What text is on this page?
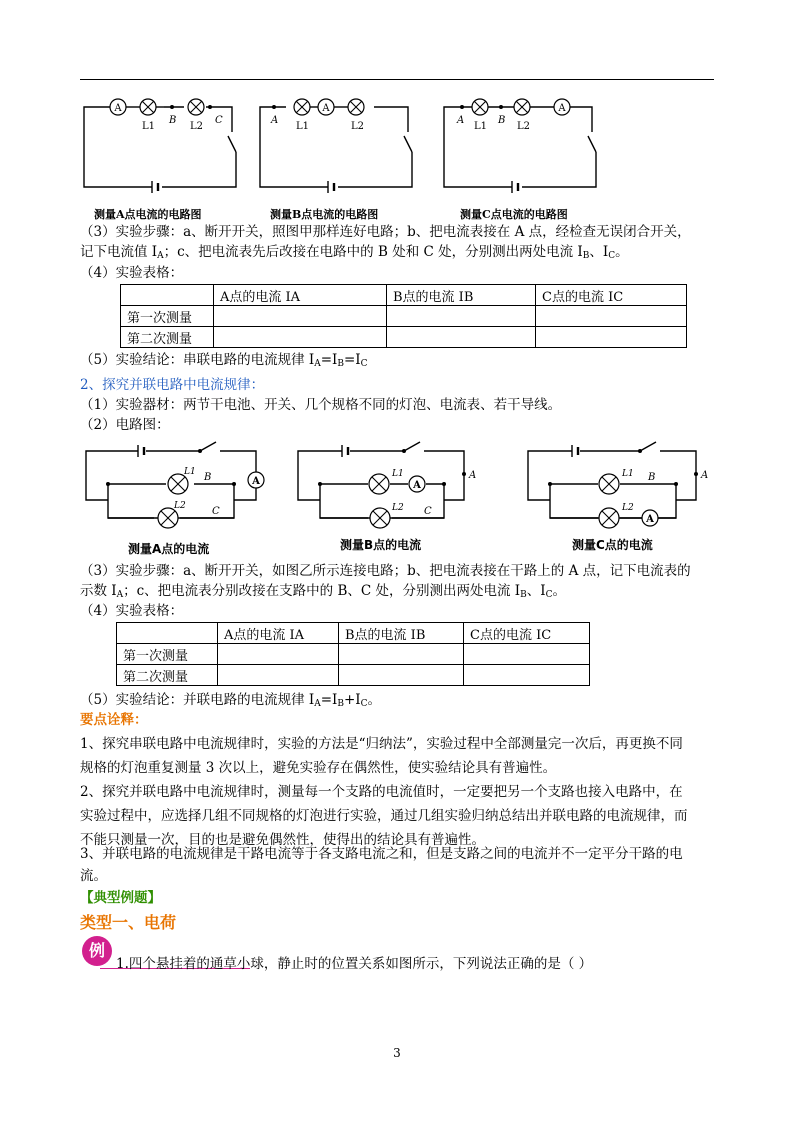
A
L1	L2
B	C
测量A点电流的电路图
A
A
L1	L2
测量B点电流的电路图
A
A	B
L1	L2
测量C点电流的电路图
（3）实验步骤：a、断开开关，照图甲那样连好电路；b、把电流表接在 A 点，经检查无误闭合开关，
记下电流值 $I_A$；c、把电流表先后改接在电路中的 B 处和 C 处，分别测出两处电流 $I_B$、$I_C$。
（4）实验表格：
	A点的电流 IA	B点的电流 IB	C点的电流 IC
第一次测量			
第二次测量			
（5）实验结论：串联电路的电流规律 $I_A=I_B=I_C$
2、探究并联电路中电流规律：
（1）实验器材：两节干电池、开关、几个规格不同的灯泡、电流表、若干导线。
（2）电路图：
A
L1
L2
B
C
测量A点的电流
A
A
L1
L2 C
测量B点的电流
A
A
L1
L2
B
测量C点的电流
（3）实验步骤：a、断开开关，如图乙所示连接电路；b、把电流表接在干路上的 A 点，记下电流表的
示数 $I_A$；c、把电流表分别改接在支路中的 B、C 处，分别测出两处电流 $I_B$、$I_C$。
（4）实验表格：
	A点的电流 IA	B点的电流 IB	C点的电流 IC
第一次测量			
第二次测量			
（5）实验结论：并联电路的电流规律 $I_A=I_B+I_C$。
要点诠释：
1、探究串联电路中电流规律时，实验的方法是“归纳法”，实验过程中全部测量完一次后，再更换不同
规格的灯泡重复测量 3 次以上，避免实验存在偶然性，使实验结论具有普遍性。
2、探究并联电路中电流规律时，测量每一个支路的电流值时，一定要把另一个支路也接入电路中，在
实验过程中，应选择几组不同规格的灯泡进行实验，通过几组实验归纳总结出并联电路的电流规律，而
不能只测量一次，目的也是避免偶然性，使得出的结论具有普遍性。
3、并联电路的电流规律是干路电流等于各支路电流之和，但是支路之间的电流并不一定平分干路的电
流。
【典型例题】
类型一、电荷
例
1.四个悬挂着的通草小球，静止时的位置关系如图所示，下列说法正确的是（ ）
3
